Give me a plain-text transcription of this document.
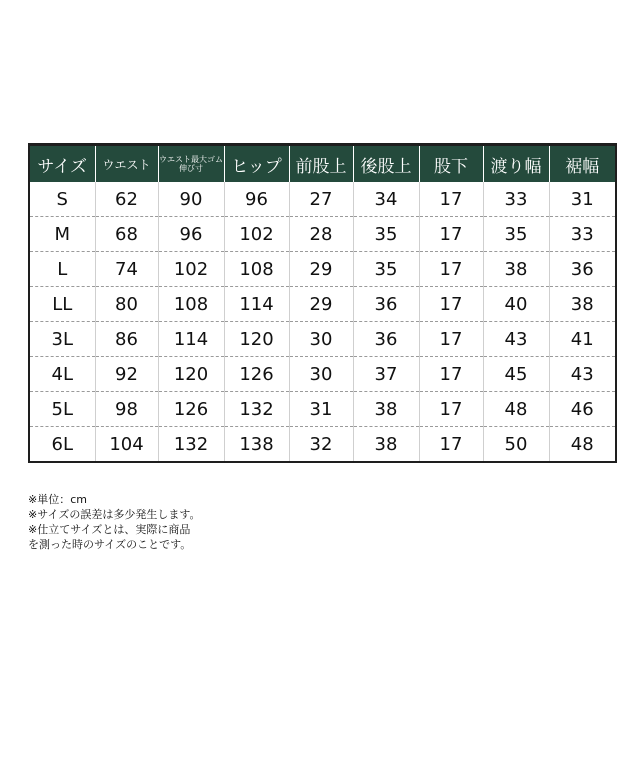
サイズ	ウエスト	ウエスト最大ゴム伸び寸	ヒップ	前股上	後股上	股下	渡り幅	裾幅
S	62	90	96	27	34	17	33	31
M	68	96	102	28	35	17	35	33
L	74	102	108	29	35	17	38	36
LL	80	108	114	29	36	17	40	38
3L	86	114	120	30	36	17	43	41
4L	92	120	126	30	37	17	45	43
5L	98	126	132	31	38	17	48	46
6L	104	132	138	32	38	17	50	48
※単位：cm
※サイズの誤差は多少発生します。
※仕立てサイズとは、実際に商品
を測った時のサイズのことです。
